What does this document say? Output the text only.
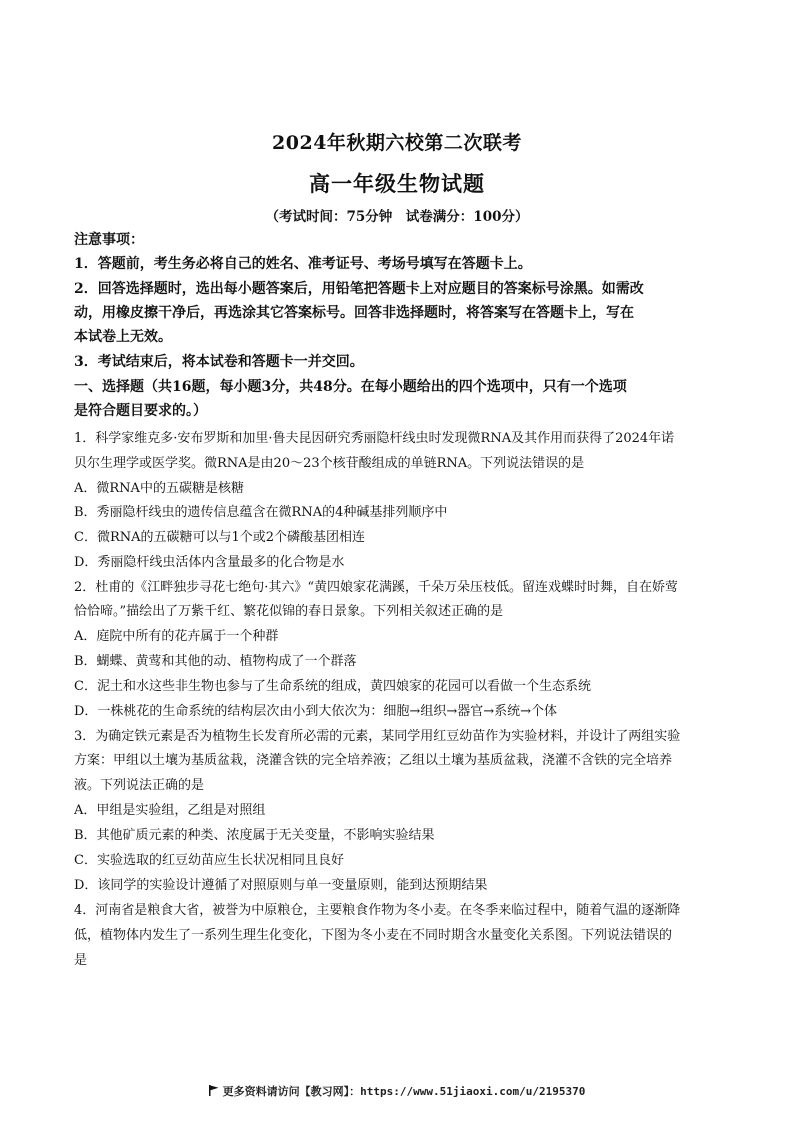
2024年秋期六校第二次联考
高一年级生物试题
（考试时间：75分钟　试卷满分：100分）
注意事项：
1．答题前，考生务必将自己的姓名、准考证号、考场号填写在答题卡上。
2．回答选择题时，选出每小题答案后，用铅笔把答题卡上对应题目的答案标号涂黑。如需改
动，用橡皮擦干净后，再选涂其它答案标号。回答非选择题时，将答案写在答题卡上，写在
本试卷上无效。
3．考试结束后，将本试卷和答题卡一并交回。
一、选择题（共16题，每小题3分，共48分。在每小题给出的四个选项中，只有一个选项
是符合题目要求的。）
1．科学家维克多·安布罗斯和加里·鲁夫昆因研究秀丽隐杆线虫时发现微RNA及其作用而获得了2024年诺
贝尔生理学或医学奖。微RNA是由20～23个核苷酸组成的单链RNA。下列说法错误的是
A．微RNA中的五碳糖是核糖
B．秀丽隐杆线虫的遗传信息蕴含在微RNA的4种碱基排列顺序中
C．微RNA的五碳糖可以与1个或2个磷酸基团相连
D．秀丽隐杆线虫活体内含量最多的化合物是水
2．杜甫的《江畔独步寻花七绝句·其六》“黄四娘家花满蹊，千朵万朵压枝低。留连戏蝶时时舞，自在娇莺
恰恰啼。”描绘出了万紫千红、繁花似锦的春日景象。下列相关叙述正确的是
A．庭院中所有的花卉属于一个种群
B．蝴蝶、黄莺和其他的动、植物构成了一个群落
C．泥土和水这些非生物也参与了生命系统的组成，黄四娘家的花园可以看做一个生态系统
D．一株桃花的生命系统的结构层次由小到大依次为：细胞→组织→器官→系统→个体
3．为确定铁元素是否为植物生长发育所必需的元素，某同学用红豆幼苗作为实验材料，并设计了两组实验
方案：甲组以土壤为基质盆栽，浇灌含铁的完全培养液；乙组以土壤为基质盆栽，浇灌不含铁的完全培养
液。下列说法正确的是
A．甲组是实验组，乙组是对照组
B．其他矿质元素的种类、浓度属于无关变量，不影响实验结果
C．实验选取的红豆幼苗应生长状况相同且良好
D．该同学的实验设计遵循了对照原则与单一变量原则，能到达预期结果
4．河南省是粮食大省，被誉为中原粮仓，主要粮食作物为冬小麦。在冬季来临过程中，随着气温的逐渐降
低，植物体内发生了一系列生理生化变化，下图为冬小麦在不同时期含水量变化关系图。下列说法错误的
是
更多资料请访问【教习网】：https://www.51jiaoxi.com/u/2195370
